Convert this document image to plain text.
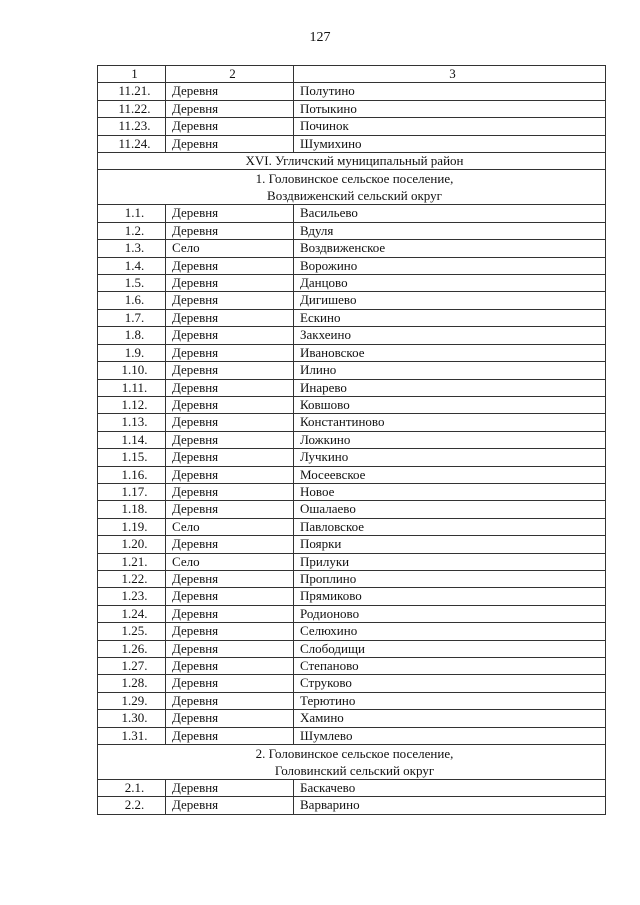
127
1	2	3
11.21.	Деревня	Полутино
11.22.	Деревня	Потыкино
11.23.	Деревня	Починок
11.24.	Деревня	Шумихино
XVI. Угличский муниципальный район		

1. Головинское сельское поселение,
Воздвиженский сельский округ		

1.1.	Деревня	Васильево
1.2.	Деревня	Вдуля
1.3.	Село	Воздвиженское
1.4.	Деревня	Ворожино
1.5.	Деревня	Данцово
1.6.	Деревня	Дигишево
1.7.	Деревня	Ескино
1.8.	Деревня	Закхеино
1.9.	Деревня	Ивановское
1.10.	Деревня	Илино
1.11.	Деревня	Инарево
1.12.	Деревня	Ковшово
1.13.	Деревня	Константиново
1.14.	Деревня	Ложкино
1.15.	Деревня	Лучкино
1.16.	Деревня	Мосеевское
1.17.	Деревня	Новое
1.18.	Деревня	Ошалаево
1.19.	Село	Павловское
1.20.	Деревня	Поярки
1.21.	Село	Прилуки
1.22.	Деревня	Проплино
1.23.	Деревня	Прямиково
1.24.	Деревня	Родионово
1.25.	Деревня	Селюхино
1.26.	Деревня	Слободищи
1.27.	Деревня	Степаново
1.28.	Деревня	Струково
1.29.	Деревня	Терютино
1.30.	Деревня	Хамино
1.31.	Деревня	Шумлево

2. Головинское сельское поселение,
Головинский сельский округ		

2.1.	Деревня	Баскачево
2.2.	Деревня	Варварино
